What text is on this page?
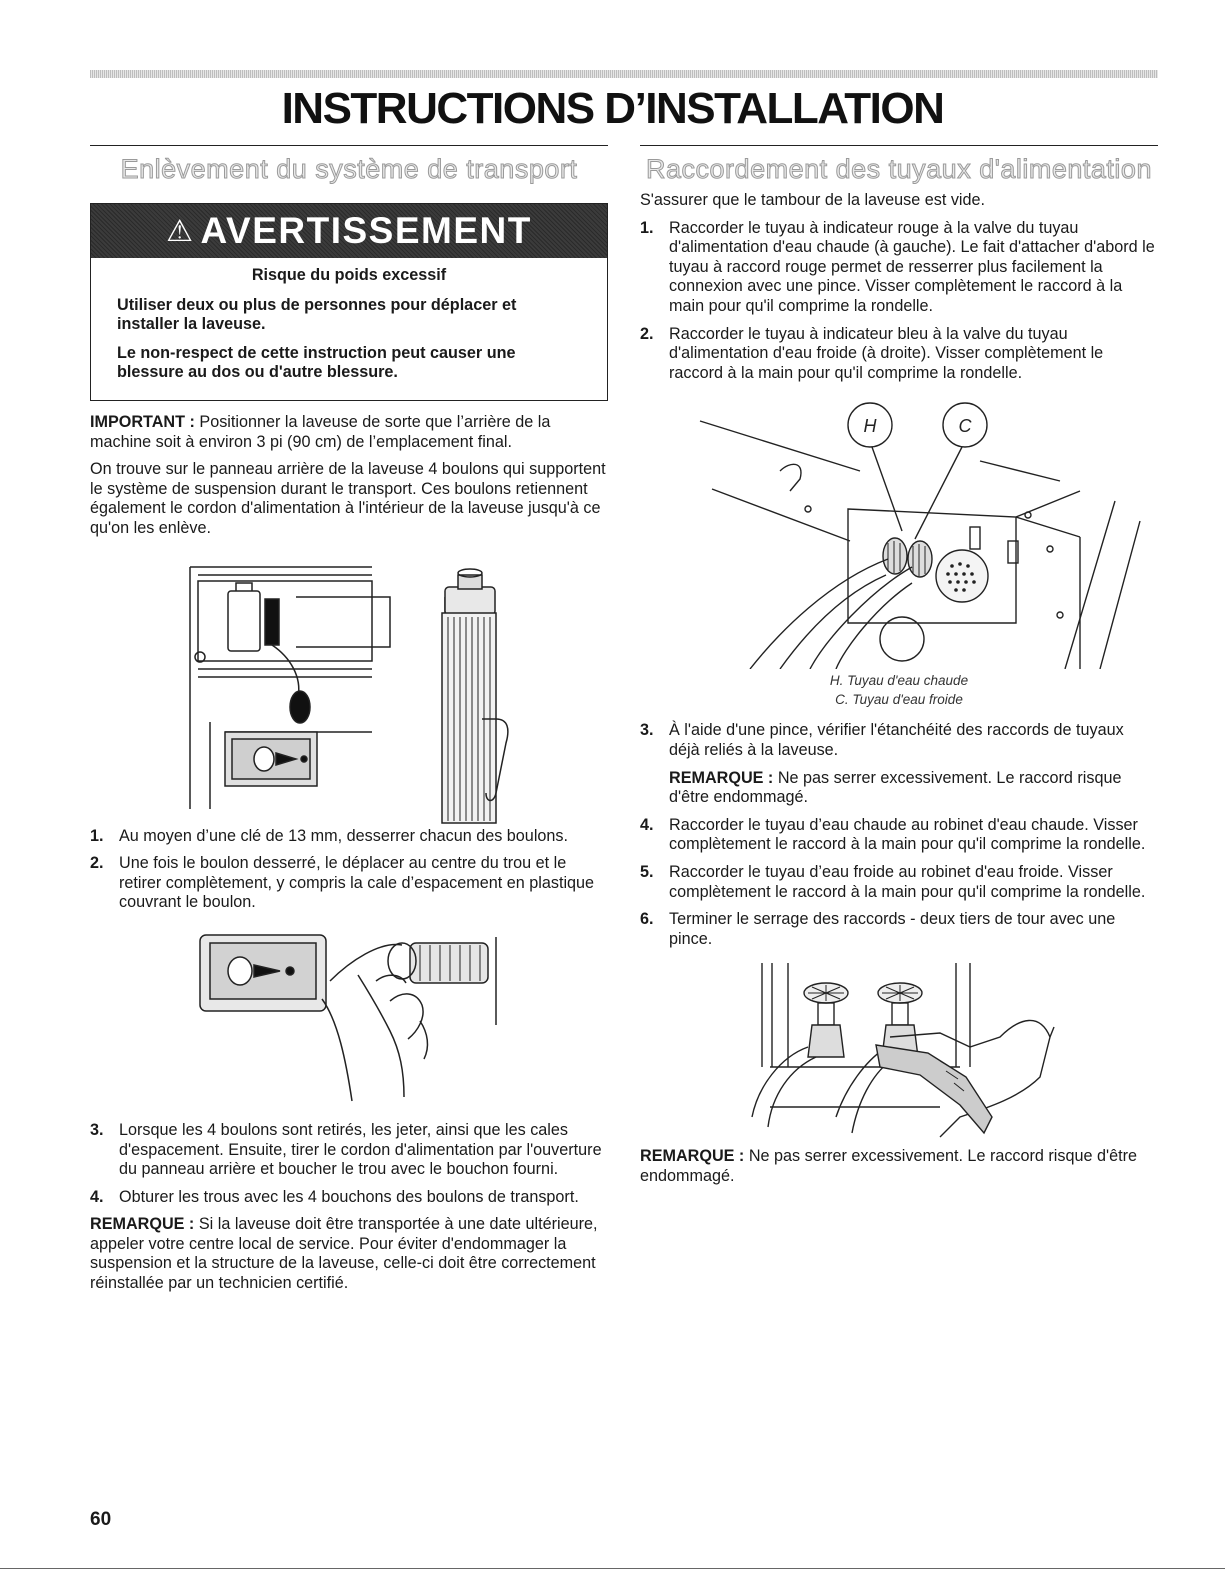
INSTRUCTIONS D’INSTALLATION
Enlèvement du système de transport
⚠ AVERTISSEMENT

Risque du poids excessif

Utiliser deux ou plus de personnes pour déplacer et installer la laveuse.

Le non-respect de cette instruction peut causer une blessure au dos ou d'autre blessure.

IMPORTANT : Positionner la laveuse de sorte que l’arrière de la machine soit à environ 3 pi (90 cm) de l’emplacement final.

On trouve sur le panneau arrière de la laveuse 4 boulons qui supportent le système de suspension durant le transport. Ces boulons retiennent également le cordon d'alimentation à l'intérieur de la laveuse jusqu'à ce qu'on les enlève.

1. Au moyen d’une clé de 13 mm, desserrer chacun des boulons.
2. Une fois le boulon desserré, le déplacer au centre du trou et le retirer complètement, y compris la cale d’espacement en plastique couvrant le boulon.
3. Lorsque les 4 boulons sont retirés, les jeter, ainsi que les cales d'espacement. Ensuite, tirer le cordon d'alimentation par l'ouverture du panneau arrière et boucher le trou avec le bouchon fourni.
4. Obturer les trous avec les 4 bouchons des boulons de transport.

REMARQUE : Si la laveuse doit être transportée à une date ultérieure, appeler votre centre local de service. Pour éviter d'endommager la suspension et la structure de la laveuse, celle-ci doit être correctement réinstallée par un technicien certifié.

Raccordement des tuyaux d'alimentation

S'assurer que le tambour de la laveuse est vide.

1. Raccorder le tuyau à indicateur rouge à la valve du tuyau d'alimentation d'eau chaude (à gauche). Le fait d'attacher d'abord le tuyau à raccord rouge permet de resserrer plus facilement la connexion avec une pince. Visser complètement le raccord à la main pour qu'il comprime la rondelle.
2. Raccorder le tuyau à indicateur bleu à la valve du tuyau d'alimentation d'eau froide (à droite). Visser complètement le raccord à la main pour qu'il comprime la rondelle.
H	C
H. Tuyau d'eau chaude
C. Tuyau d'eau froide
3. À l'aide d'une pince, vérifier l'étanchéité des raccords de tuyaux déjà reliés à la laveuse.
REMARQUE : Ne pas serrer excessivement. Le raccord risque d'être endommagé.
4. Raccorder le tuyau d’eau chaude au robinet d'eau chaude. Visser complètement le raccord à la main pour qu'il comprime la rondelle.
5. Raccorder le tuyau d’eau froide au robinet d'eau froide. Visser complètement le raccord à la main pour qu'il comprime la rondelle.
6. Terminer le serrage des raccords - deux tiers de tour avec une pince.

REMARQUE : Ne pas serrer excessivement. Le raccord risque d'être endommagé.

60
